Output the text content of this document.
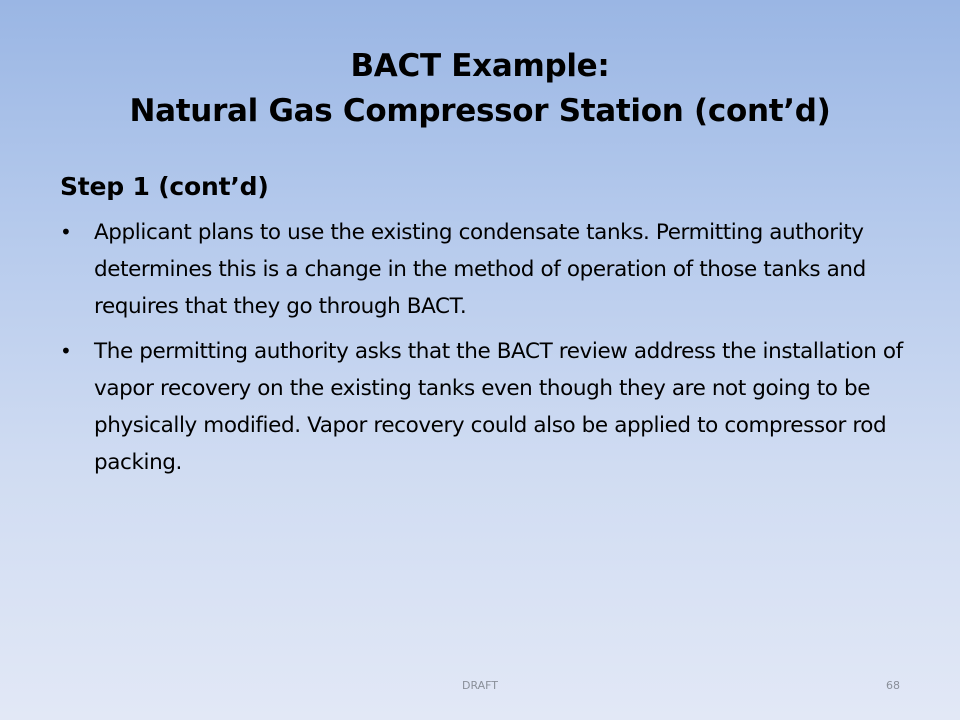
BACT Example:
Natural Gas Compressor Station (cont’d)
Step 1 (cont’d)
•	Applicant plans to use the existing condensate tanks. Permitting authority determines this is a change in the method of operation of those tanks and requires that they go through BACT.
•	The permitting authority asks that the BACT review address the installation of vapor recovery on the existing tanks even though they are not going to be physically modified. Vapor recovery could also be applied to compressor rod packing.
DRAFT	68
